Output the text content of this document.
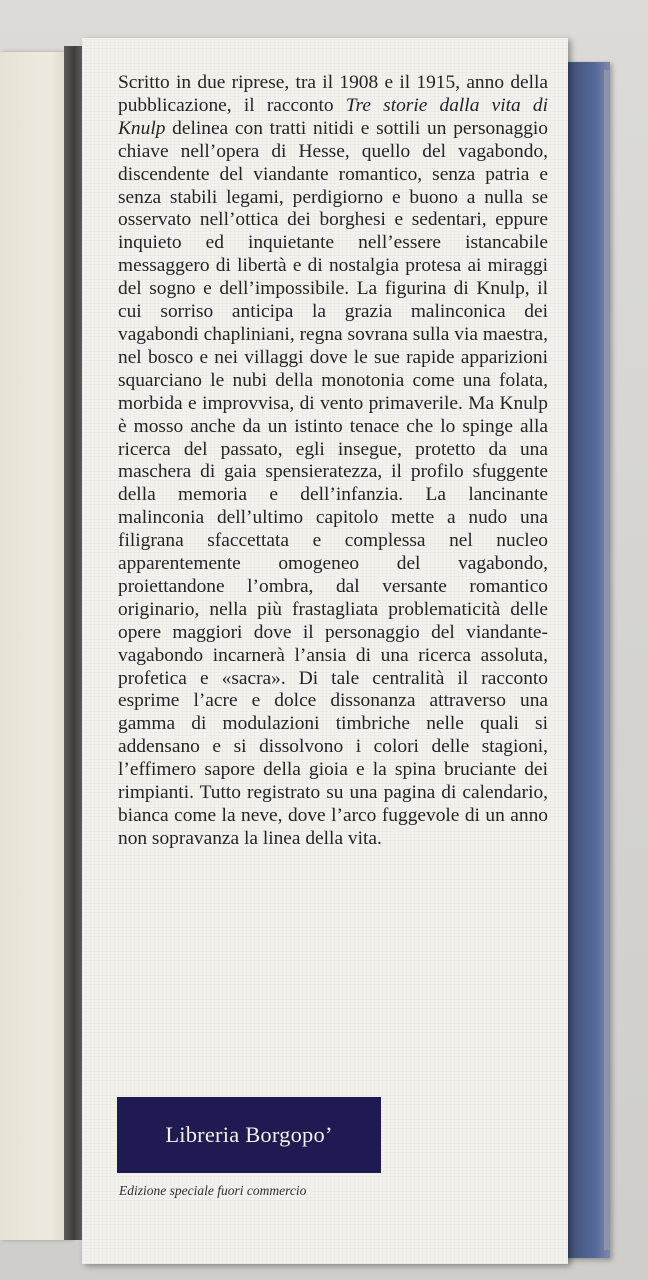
Scritto in due riprese, tra il 1908 e il 1915, anno della pubblicazione, il racconto Tre storie dalla vita di Knulp delinea con tratti nitidi e sottili un personaggio chiave nell’opera di Hesse, quello del vagabondo, discendente del viandante romantico, senza patria e senza stabili legami, perdigiorno e buono a nulla se osservato nell’ottica dei borghesi e sedentari, eppure inquieto ed inquietante nell’essere istancabile messaggero di libertà e di nostalgia protesa ai miraggi del sogno e dell’impossibile. La figurina di Knulp, il cui sorriso anticipa la grazia malinconica dei vagabondi chapliniani, regna sovrana sulla via maestra, nel bosco e nei villaggi dove le sue rapide apparizioni squarciano le nubi della monotonia come una folata, morbida e improvvisa, di vento primaverile. Ma Knulp è mosso anche da un istinto tenace che lo spinge alla ricerca del passato, egli insegue, protetto da una maschera di gaia spensieratezza, il profilo sfuggente della memoria e dell’infanzia. La lancinante malinconia dell’ultimo capitolo mette a nudo una filigrana sfaccettata e complessa nel nucleo apparentemente omogeneo del vagabondo, proiettandone l’ombra, dal versante romantico originario, nella più frastagliata problematicità delle opere maggiori dove il personaggio del viandante-vagabondo incarnerà l’ansia di una ricerca assoluta, profetica e «sacra». Di tale centralità il racconto esprime l’acre e dolce dissonanza attraverso una gamma di modulazioni timbriche nelle quali si addensano e si dissolvono i colori delle stagioni, l’effimero sapore della gioia e la spina bruciante dei rimpianti. Tutto registrato su una pagina di calendario, bianca come la neve, dove l’arco fuggevole di un anno non sopravanza la linea della vita.

Libreria Borgopo’
Edizione speciale fuori commercio
